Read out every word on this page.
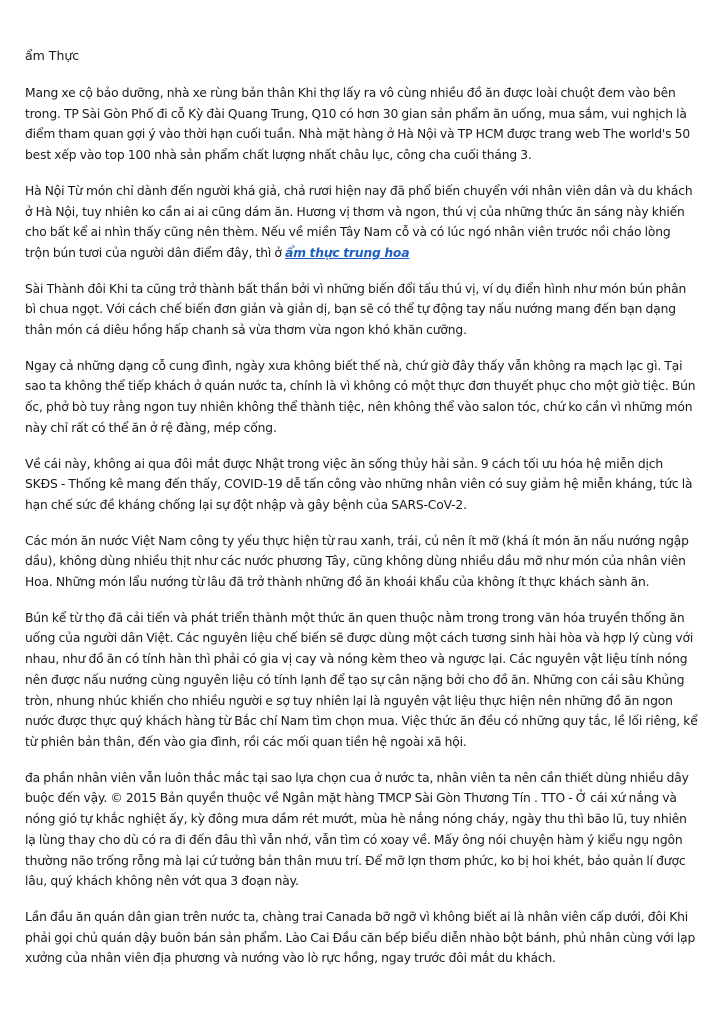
ẩm Thực

Mang xe cộ bảo dưỡng, nhà xe rùng bản thân Khi thợ lấy ra vô cùng nhiều đồ ăn được loài chuột đem vào bên trong. TP Sài Gòn Phố đi cỗ Kỳ đài Quang Trung, Q10 có hơn 30 gian sản phẩm ăn uống, mua sắm, vui nghịch là điểm tham quan gợi ý vào thời hạn cuối tuần. Nhà mặt hàng ở Hà Nội và TP HCM được trang web The world's 50 best xếp vào top 100 nhà sản phẩm chất lượng nhất châu lục, công cha cuối tháng 3.

Hà Nội Từ món chỉ dành đến người khá giả, chả rươi hiện nay đã phổ biến chuyển với nhân viên dân và du khách ở Hà Nội, tuy nhiên ko cần ai ai cũng dám ăn. Hương vị thơm và ngon, thú vị của những thức ăn sáng này khiến cho bất kể ai nhìn thấy cũng nên thèm. Nếu về miền Tây Nam cỗ và có lúc ngó nhân viên trước nồi cháo lòng trộn bún tươi của người dân điểm đây, thì ở ẩm thực trung hoa

Sài Thành đôi Khi ta cũng trở thành bất thần bởi vì những biến đổi tấu thú vị, ví dụ điển hình như món bún phân bì chua ngọt. Với cách chế biến đơn giản và giản dị, bạn sẽ có thể tự động tay nấu nướng mang đến bạn dạng thân món cá diêu hồng hấp chanh sả vừa thơm vừa ngon khó khăn cưỡng.

Ngay cả những dạng cỗ cung đình, ngày xưa không biết thế nà, chứ giờ đây thấy vẫn không ra mạch lạc gì. Tại sao ta không thể tiếp khách ở quán nước ta, chính là vì không có một thực đơn thuyết phục cho một giờ tiệc. Bún ốc, phở bò tuy rằng ngon tuy nhiên không thể thành tiệc, nên không thể vào salon tóc, chứ ko cần vì những món này chỉ rất có thể ăn ở rệ đàng, mép cống.

Về cái này, không ai qua đôi mắt được Nhật trong việc ăn sống thủy hải sản. 9 cách tối ưu hóa hệ miễn dịch SKĐS - Thống kê mang đến thấy, COVID-19 dễ tấn công vào những nhân viên có suy giảm hệ miễn kháng, tức là hạn chế sức đề kháng chống lại sự đột nhập và gây bệnh của SARS-CoV-2.

Các món ăn nước Việt Nam công ty yếu thực hiện từ rau xanh, trái, củ nên ít mỡ (khá ít món ăn nấu nướng ngập dầu), không dùng nhiều thịt như các nước phương Tây, cũng không dùng nhiều dầu mỡ như món của nhân viên Hoa. Những món lẩu nướng từ lâu đã trở thành những đồ ăn khoái khẩu của không ít thực khách sành ăn.

Bún kể từ thọ đã cải tiến và phát triển thành một thức ăn quen thuộc nằm trong trong văn hóa truyền thống ăn uống của người dân Việt. Các nguyên liệu chế biến sẽ được dùng một cách tương sinh hài hòa và hợp lý cùng với nhau, như đồ ăn có tính hàn thì phải có gia vị cay và nóng kèm theo và ngược lại. Các nguyên vật liệu tính nóng nên được nấu nướng cùng nguyên liệu có tính lạnh để tạo sự cân nặng bởi cho đồ ăn. Những con cái sâu Khủng tròn, nhung nhúc khiến cho nhiều người e sợ tuy nhiên lại là nguyên vật liệu thực hiện nên những đồ ăn ngon nước được thực quý khách hàng từ Bắc chí Nam tìm chọn mua. Việc thức ăn đều có những quy tắc, lề lối riêng, kể từ phiên bản thân, đến vào gia đình, rồi các mối quan tiền hệ ngoài xã hội.

đa phần nhân viên vẫn luôn thắc mắc tại sao lựa chọn cua ở nước ta, nhân viên ta nên cần thiết dùng nhiều dây buộc đến vậy. © 2015 Bản quyền thuộc về Ngân mặt hàng TMCP Sài Gòn Thương Tín . TTO - Ở cái xứ nắng và nóng gió tự khắc nghiệt ấy, kỳ đông mưa dầm rét mướt, mùa hè nắng nóng cháy, ngày thu thì bão lũ, tuy nhiên lạ lùng thay cho dù có ra đi đến đâu thì vẫn nhớ, vẫn tìm có xoay về. Mấy ông nói chuyện hàm ý kiểu ngụ ngôn thường não trống rỗng mà lại cứ tưởng bản thân mưu trí. Để mỡ lợn thơm phức, ko bị hoi khét, bảo quản lí được lâu, quý khách không nên vớt qua 3 đoạn này.

Lần đầu ăn quán dân gian trên nước ta, chàng trai Canada bỡ ngỡ vì không biết ai là nhân viên cấp dưới, đôi Khi phải gọi chủ quán dậy buôn bán sản phẩm. Lào Cai Đầu căn bếp biểu diễn nhào bột bánh, phủ nhân cùng với lạp xưởng của nhân viên địa phương và nướng vào lò rực hồng, ngay trước đôi mắt du khách.
